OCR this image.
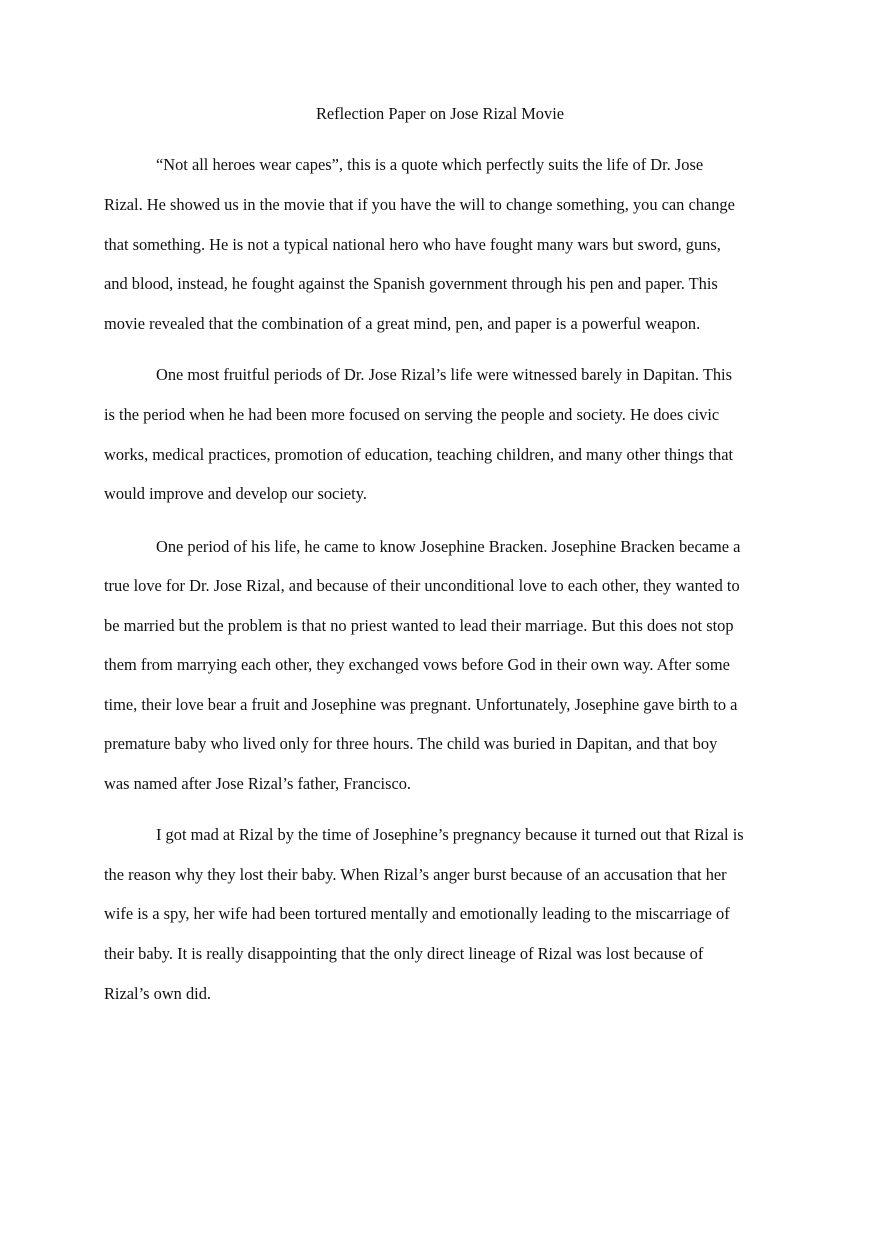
Reflection Paper on Jose Rizal Movie
“Not all heroes wear capes”, this is a quote which perfectly suits the life of Dr. Jose
Rizal. He showed us in the movie that if you have the will to change something, you can change
that something. He is not a typical national hero who have fought many wars but sword, guns,
and blood, instead, he fought against the Spanish government through his pen and paper. This
movie revealed that the combination of a great mind, pen, and paper is a powerful weapon.
One most fruitful periods of Dr. Jose Rizal’s life were witnessed barely in Dapitan. This
is the period when he had been more focused on serving the people and society. He does civic
works, medical practices, promotion of education, teaching children, and many other things that
would improve and develop our society.
One period of his life, he came to know Josephine Bracken. Josephine Bracken became a
true love for Dr. Jose Rizal, and because of their unconditional love to each other, they wanted to
be married but the problem is that no priest wanted to lead their marriage. But this does not stop
them from marrying each other, they exchanged vows before God in their own way. After some
time, their love bear a fruit and Josephine was pregnant. Unfortunately, Josephine gave birth to a
premature baby who lived only for three hours. The child was buried in Dapitan, and that boy
was named after Jose Rizal’s father, Francisco.
I got mad at Rizal by the time of Josephine’s pregnancy because it turned out that Rizal is
the reason why they lost their baby. When Rizal’s anger burst because of an accusation that her
wife is a spy, her wife had been tortured mentally and emotionally leading to the miscarriage of
their baby. It is really disappointing that the only direct lineage of Rizal was lost because of
Rizal’s own did.
